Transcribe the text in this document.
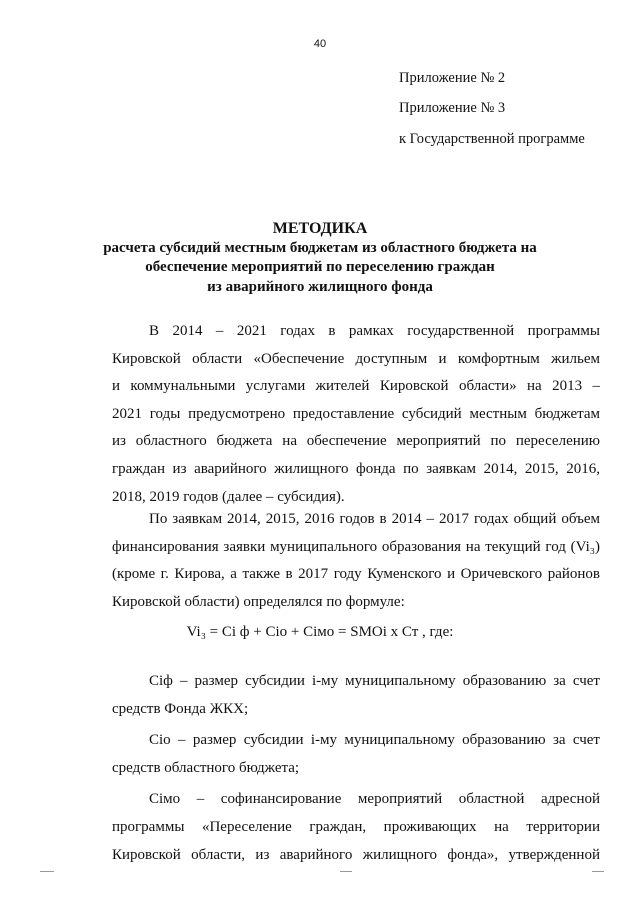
40
Приложение № 2
Приложение № 3
к Государственной программе
МЕТОДИКА
расчета субсидий местным бюджетам из областного бюджета на
обеспечение мероприятий по переселению граждан
из аварийного жилищного фонда
В 2014 – 2021 годах в рамках государственной программы
Кировской области «Обеспечение доступным и комфортным жильем
и коммунальными услугами жителей Кировской области» на 2013 –
2021 годы предусмотрено предоставление субсидий местным бюджетам
из областного бюджета на обеспечение мероприятий по переселению
граждан из аварийного жилищного фонда по заявкам 2014, 2015, 2016,
2018, 2019 годов (далее – субсидия).
По заявкам 2014, 2015, 2016 годов в 2014 – 2017 годах общий объем
финансирования заявки муниципального образования на текущий год (Vi₃)
(кроме г. Кирова, а также в 2017 году Куменского и Оричевского районов
Кировской области) определялся по формуле:
Vi₃ = Ci ф + Ciо + Ciмо = SМОi х Ст , где:
Ciф – размер субсидии i-му муниципальному образованию за счет
средств Фонда ЖКХ;
Ciо – размер субсидии i-му муниципальному образованию за счет
средств областного бюджета;
Ciмо – софинансирование мероприятий областной адресной
программы «Переселение граждан, проживающих на территории
Кировской области, из аварийного жилищного фонда», утвержденной
